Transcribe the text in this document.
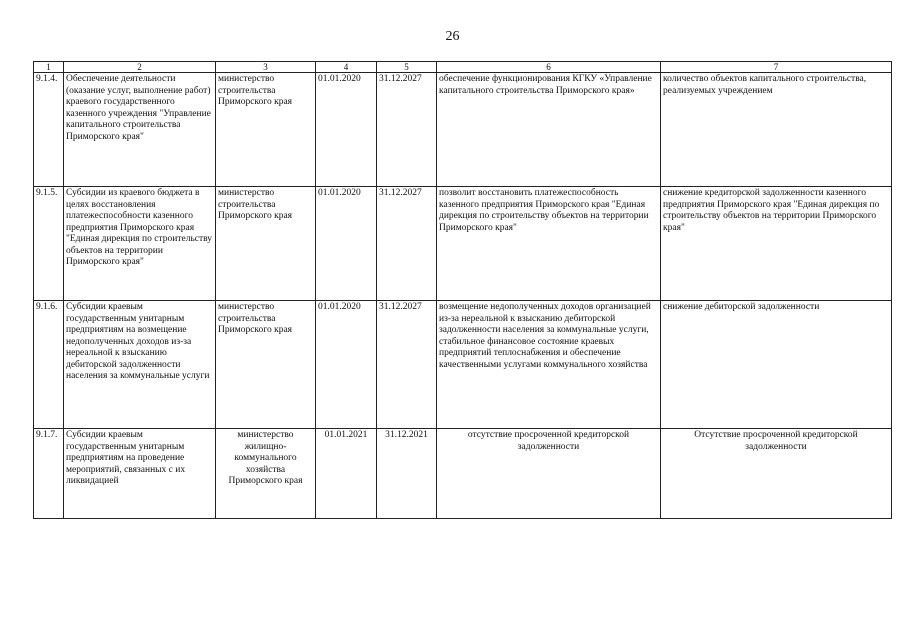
26
1	2	3	4	5	6	7
9.1.4.	Обеспечение деятельности (оказание услуг, выполнение работ) краевого государственного казенного учреждения "Управление капитального строительства Приморского края"	министерство строительства Приморского края	01.01.2020	31.12.2027	обеспечение функционирования КГКУ «Управление капитального строительства Приморского края»	количество объектов капитального строительства, реализуемых учреждением
9.1.5.	Субсидии из краевого бюджета в целях восстановления платежеспособности казенного предприятия Приморского края "Единая дирекция по строительству объектов на территории Приморского края"	министерство строительства Приморского края	01.01.2020	31.12.2027	позволит восстановить платежеспособность казенного предприятия Приморского края "Единая дирекция по строительству объектов на территории Приморского края"	снижение кредиторской задолженности казенного предприятия Приморского края "Единая дирекция по строительству объектов на территории Приморского края"
9.1.6.	Субсидии краевым государственным унитарным предприятиям на возмещение недополученных доходов из-за нереальной к взысканию дебиторской задолженности населения за коммунальные услуги	министерство строительства Приморского края	01.01.2020	31.12.2027	возмещение недополученных доходов организацией из-за нереальной к взысканию дебиторской задолженности населения за коммунальные услуги, стабильное финансовое состояние краевых предприятий теплоснабжения и обеспечение качественными услугами коммунального хозяйства	снижение дебиторской задолженности
9.1.7.	Субсидии краевым государственным унитарным предприятиям на проведение мероприятий, связанных с их ликвидацией	министерство жилищно-коммунального хозяйства Приморского края	01.01.2021	31.12.2021	отсутствие просроченной кредиторской задолженности	Отсутствие просроченной кредиторской задолженности
